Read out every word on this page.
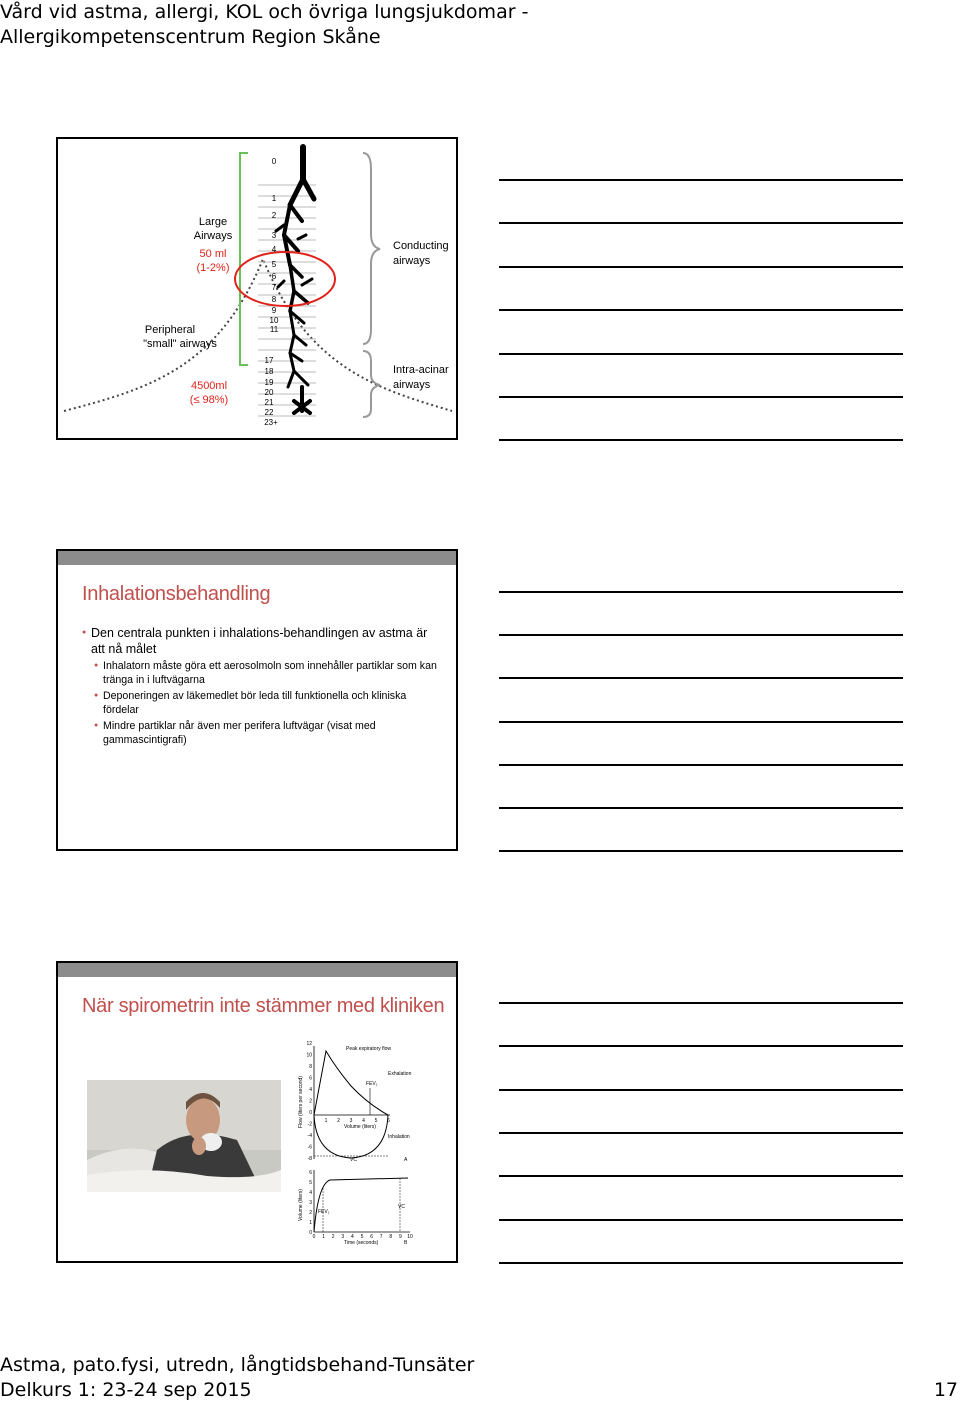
Vård vid astma, allergi, KOL och övriga lungsjukdomar -
Allergikompetenscentrum Region Skåne
0
1
2
3
4
5
6
7
8
9
10
11
17
18
19
20
21
22
23+
Large
Airways
50 ml
(1-2%)
Peripheral
"small" airways
4500ml
(≤ 98%)
Conducting
airways
Intra-acinar
airways
Inhalationsbehandling
● Den centrala punkten i inhalations-behandlingen av astma är att nå målet
● Inhalatorn måste göra ett aerosolmoln som innehåller partiklar som kan tränga in i luftvägarna
● Deponeringen av läkemedlet bör leda till funktionella och kliniska fördelar
● Mindre partiklar når även mer perifera luftvägar (visat med gammascintigrafi)
När spirometrin inte stämmer med kliniken
Flow (liters per second)
Peak expiratory flow
FEV₁
Exhalation
Inhalation
Volume (liters)
VC	A
12
10
8
6
4
2
0
-2
-4
-6
-8
1 2 3 4 5 6
Volume (liters)	FEV₁
VC
Time (seconds)	B
6
5
4
3
2
1
0
0 1 2 3 4 5 6 7 8 9 10
Astma, pato.fysi, utredn, långtidsbehand-Tunsäter
Delkurs 1: 23-24 sep 2015	17
